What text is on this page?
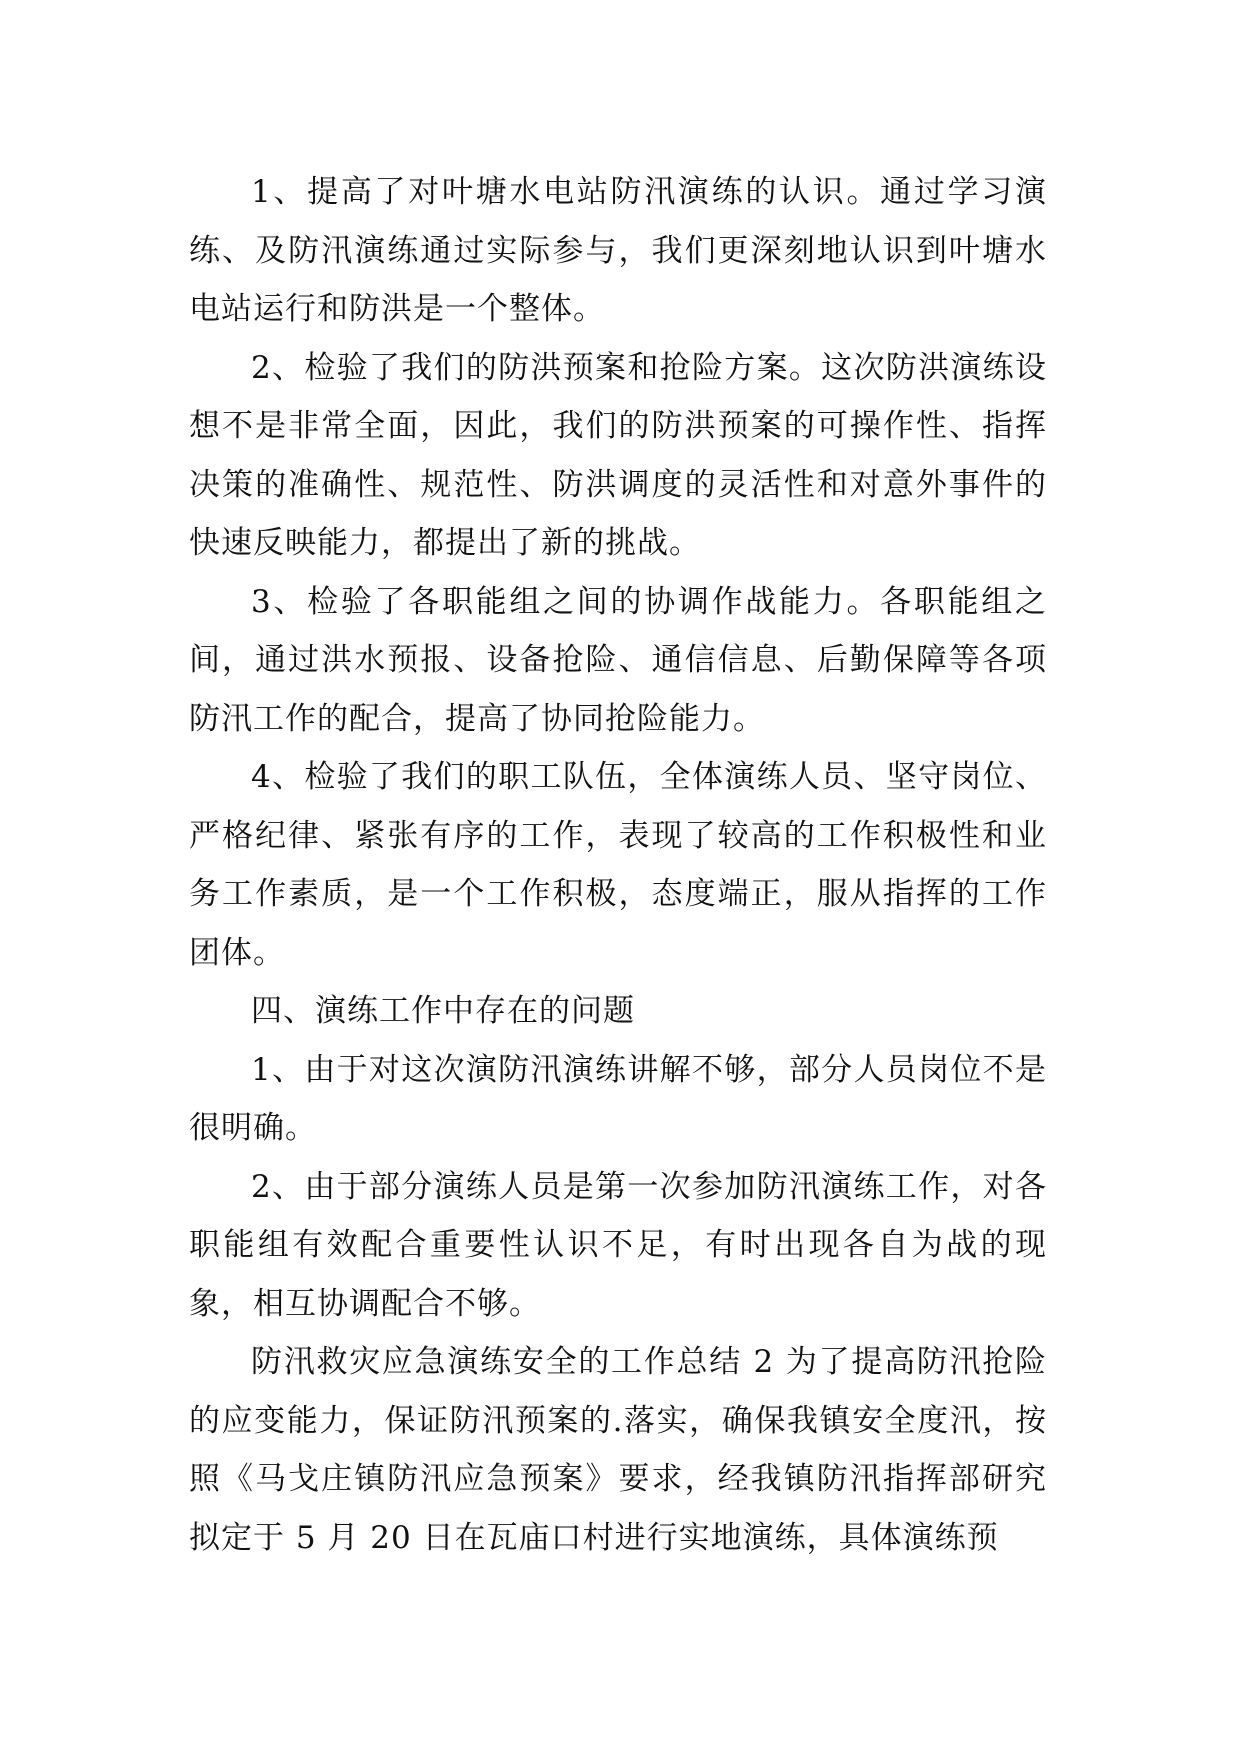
1、提高了对叶塘水电站防汛演练的认识。通过学习演练、及防汛演练通过实际参与，我们更深刻地认识到叶塘水电站运行和防洪是一个整体。

2、检验了我们的防洪预案和抢险方案。这次防洪演练设想不是非常全面，因此，我们的防洪预案的可操作性、指挥决策的准确性、规范性、防洪调度的灵活性和对意外事件的快速反映能力，都提出了新的挑战。

3、检验了各职能组之间的协调作战能力。各职能组之间，通过洪水预报、设备抢险、通信信息、后勤保障等各项防汛工作的配合，提高了协同抢险能力。

4、检验了我们的职工队伍，全体演练人员、坚守岗位、严格纪律、紧张有序的工作，表现了较高的工作积极性和业务工作素质，是一个工作积极，态度端正，服从指挥的工作团体。

四、演练工作中存在的问题

1、由于对这次演防汛演练讲解不够，部分人员岗位不是很明确。

2、由于部分演练人员是第一次参加防汛演练工作，对各职能组有效配合重要性认识不足，有时出现各自为战的现象，相互协调配合不够。

防汛救灾应急演练安全的工作总结 2 为了提高防汛抢险的应变能力，保证防汛预案的.落实，确保我镇安全度汛，按照《马戈庄镇防汛应急预案》要求，经我镇防汛指挥部研究拟定于 5 月 20 日在瓦庙口村进行实地演练，具体演练预
